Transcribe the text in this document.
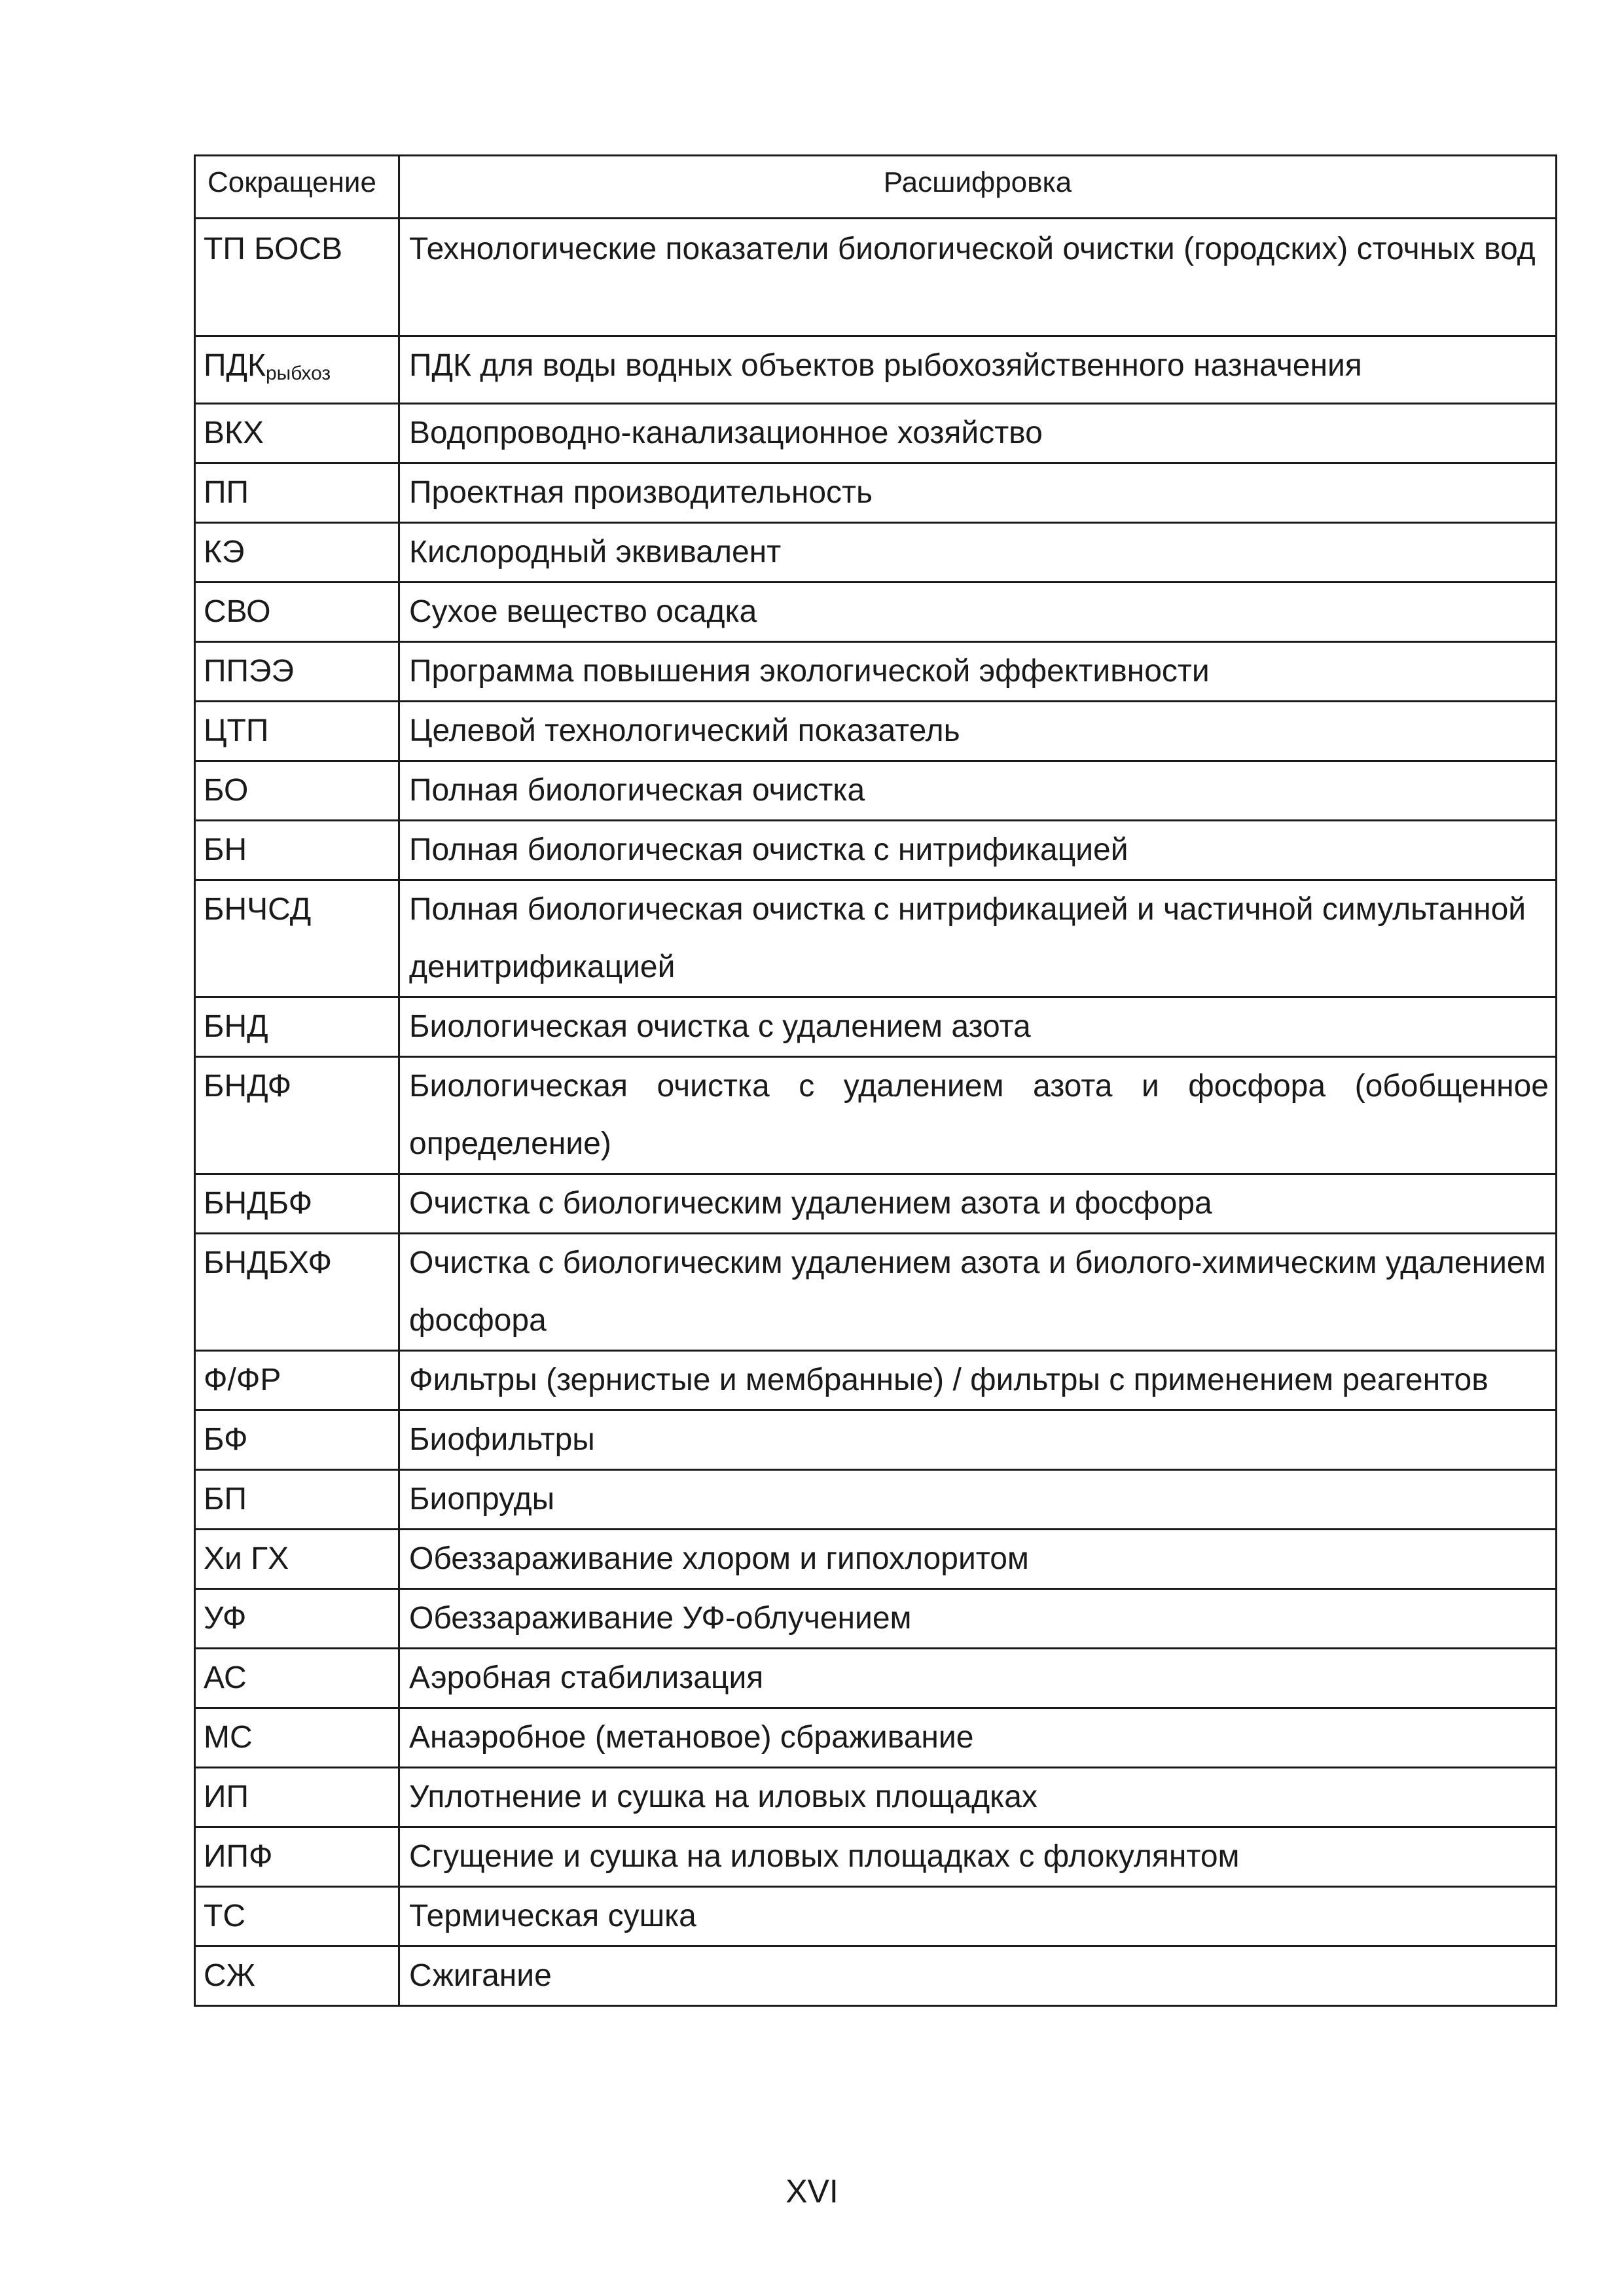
Сокращение	Расшифровка
ТП БОСВ	Технологические показатели биологической очистки (городских) сточных вод
ПДКрыбхоз	ПДК для воды водных объектов рыбохозяйственного назначения
ВКХ	Водопроводно-канализационное хозяйство
ПП	Проектная производительность
КЭ	Кислородный эквивалент
СВО	Сухое вещество осадка
ППЭЭ	Программа повышения экологической эффективности
ЦТП	Целевой технологический показатель
БО	Полная биологическая очистка
БН	Полная биологическая очистка с нитрификацией
БНЧСД	Полная биологическая очистка с нитрификацией и частичной симультанной денитрификацией
БНД	Биологическая очистка с удалением азота
БНДФ	Биологическая очистка с удалением азота и фосфора (обобщенное определение)
БНДБФ	Очистка с биологическим удалением азота и фосфора
БНДБХФ	Очистка с биологическим удалением азота и биолого-химическим удалением фосфора
Ф/ФР	Фильтры (зернистые и мембранные) / фильтры с применением реагентов
БФ	Биофильтры
БП	Биопруды
Хи ГХ	Обеззараживание хлором и гипохлоритом
УФ	Обеззараживание УФ-облучением
АС	Аэробная стабилизация
МС	Анаэробное (метановое) сбраживание
ИП	Уплотнение и сушка на иловых площадках
ИПФ	Сгущение и сушка на иловых площадках с флокулянтом
ТС	Термическая сушка
СЖ	Сжигание
XVI
